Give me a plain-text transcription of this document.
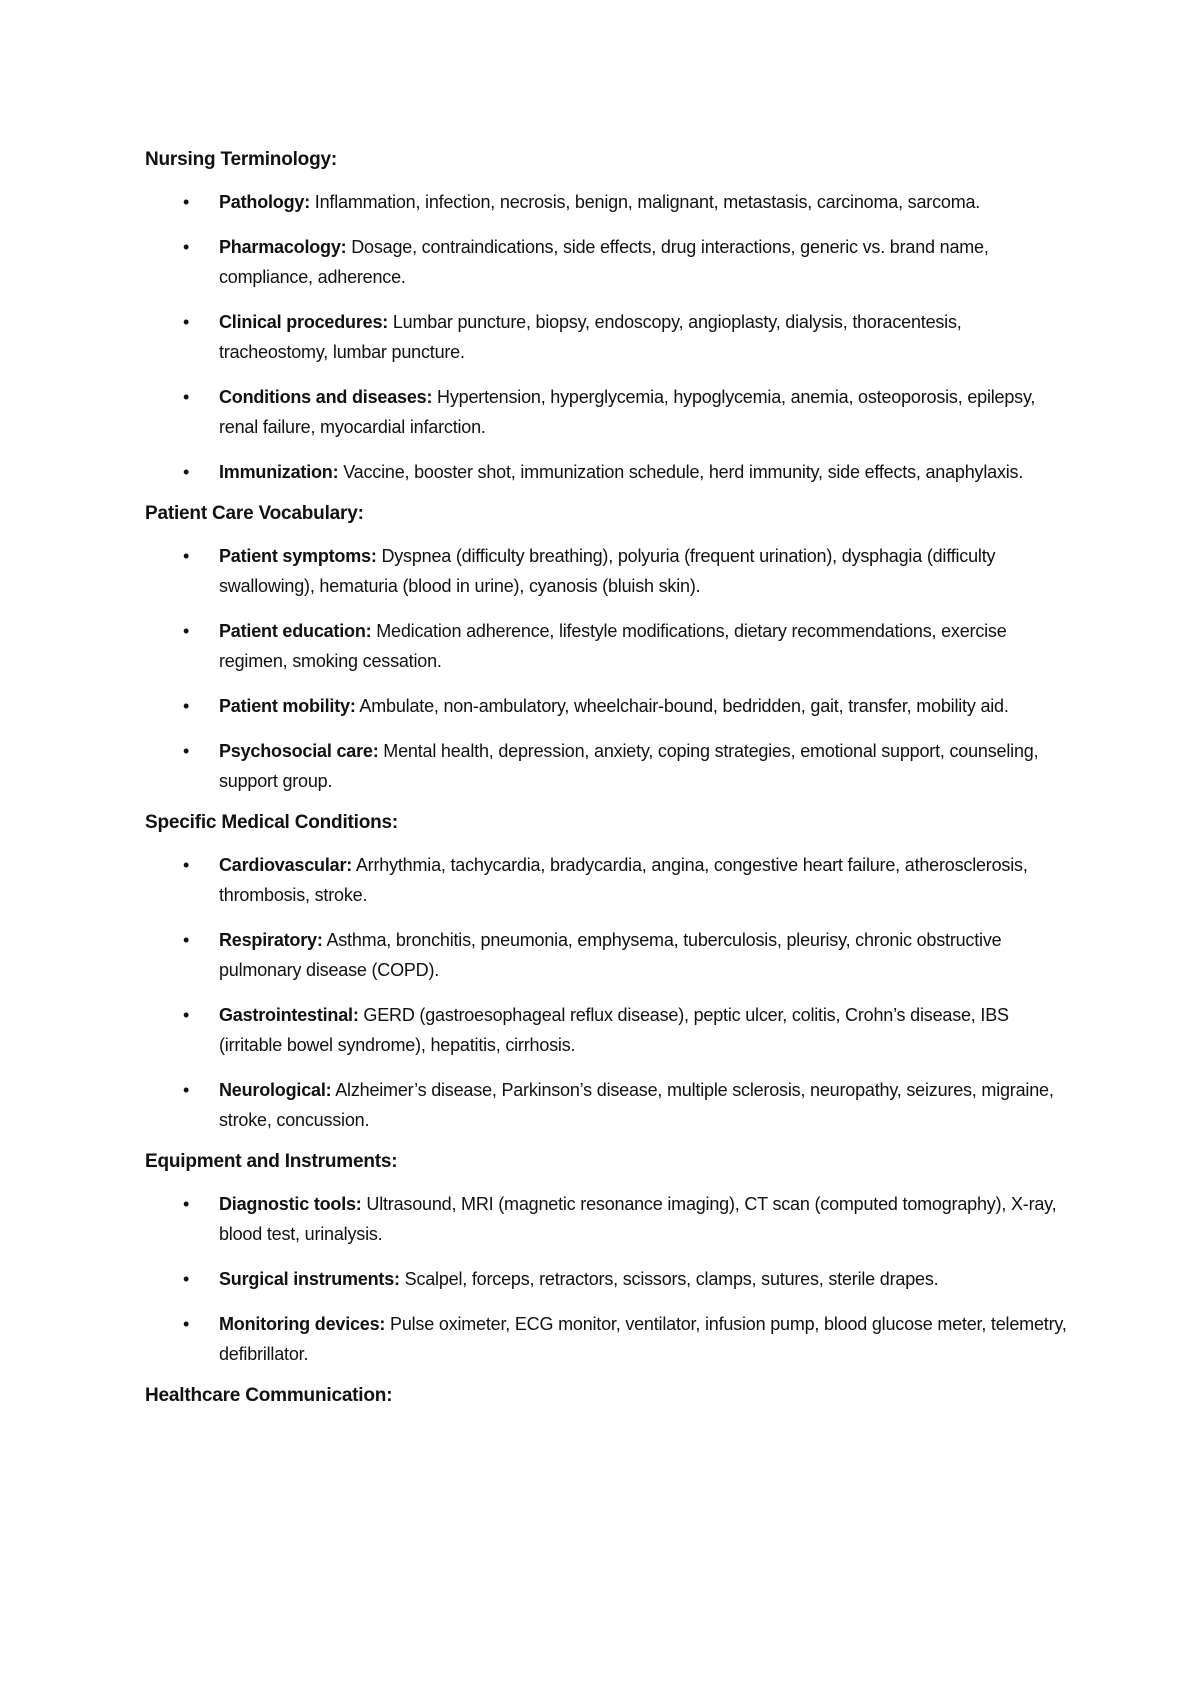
Nursing Terminology:
• Pathology: Inflammation, infection, necrosis, benign, malignant, metastasis, carcinoma, sarcoma.
• Pharmacology: Dosage, contraindications, side effects, drug interactions, generic vs. brand name, compliance, adherence.
• Clinical procedures: Lumbar puncture, biopsy, endoscopy, angioplasty, dialysis, thoracentesis, tracheostomy, lumbar puncture.
• Conditions and diseases: Hypertension, hyperglycemia, hypoglycemia, anemia, osteoporosis, epilepsy, renal failure, myocardial infarction.
• Immunization: Vaccine, booster shot, immunization schedule, herd immunity, side effects, anaphylaxis.
Patient Care Vocabulary:
• Patient symptoms: Dyspnea (difficulty breathing), polyuria (frequent urination), dysphagia (difficulty swallowing), hematuria (blood in urine), cyanosis (bluish skin).
• Patient education: Medication adherence, lifestyle modifications, dietary recommendations, exercise regimen, smoking cessation.
• Patient mobility: Ambulate, non-ambulatory, wheelchair-bound, bedridden, gait, transfer, mobility aid.
• Psychosocial care: Mental health, depression, anxiety, coping strategies, emotional support, counseling, support group.
Specific Medical Conditions:
• Cardiovascular: Arrhythmia, tachycardia, bradycardia, angina, congestive heart failure, atherosclerosis, thrombosis, stroke.
• Respiratory: Asthma, bronchitis, pneumonia, emphysema, tuberculosis, pleurisy, chronic obstructive pulmonary disease (COPD).
• Gastrointestinal: GERD (gastroesophageal reflux disease), peptic ulcer, colitis, Crohn’s disease, IBS (irritable bowel syndrome), hepatitis, cirrhosis.
• Neurological: Alzheimer’s disease, Parkinson’s disease, multiple sclerosis, neuropathy, seizures, migraine, stroke, concussion.
Equipment and Instruments:
• Diagnostic tools: Ultrasound, MRI (magnetic resonance imaging), CT scan (computed tomography), X-ray, blood test, urinalysis.
• Surgical instruments: Scalpel, forceps, retractors, scissors, clamps, sutures, sterile drapes.
• Monitoring devices: Pulse oximeter, ECG monitor, ventilator, infusion pump, blood glucose meter, telemetry, defibrillator.
Healthcare Communication:
